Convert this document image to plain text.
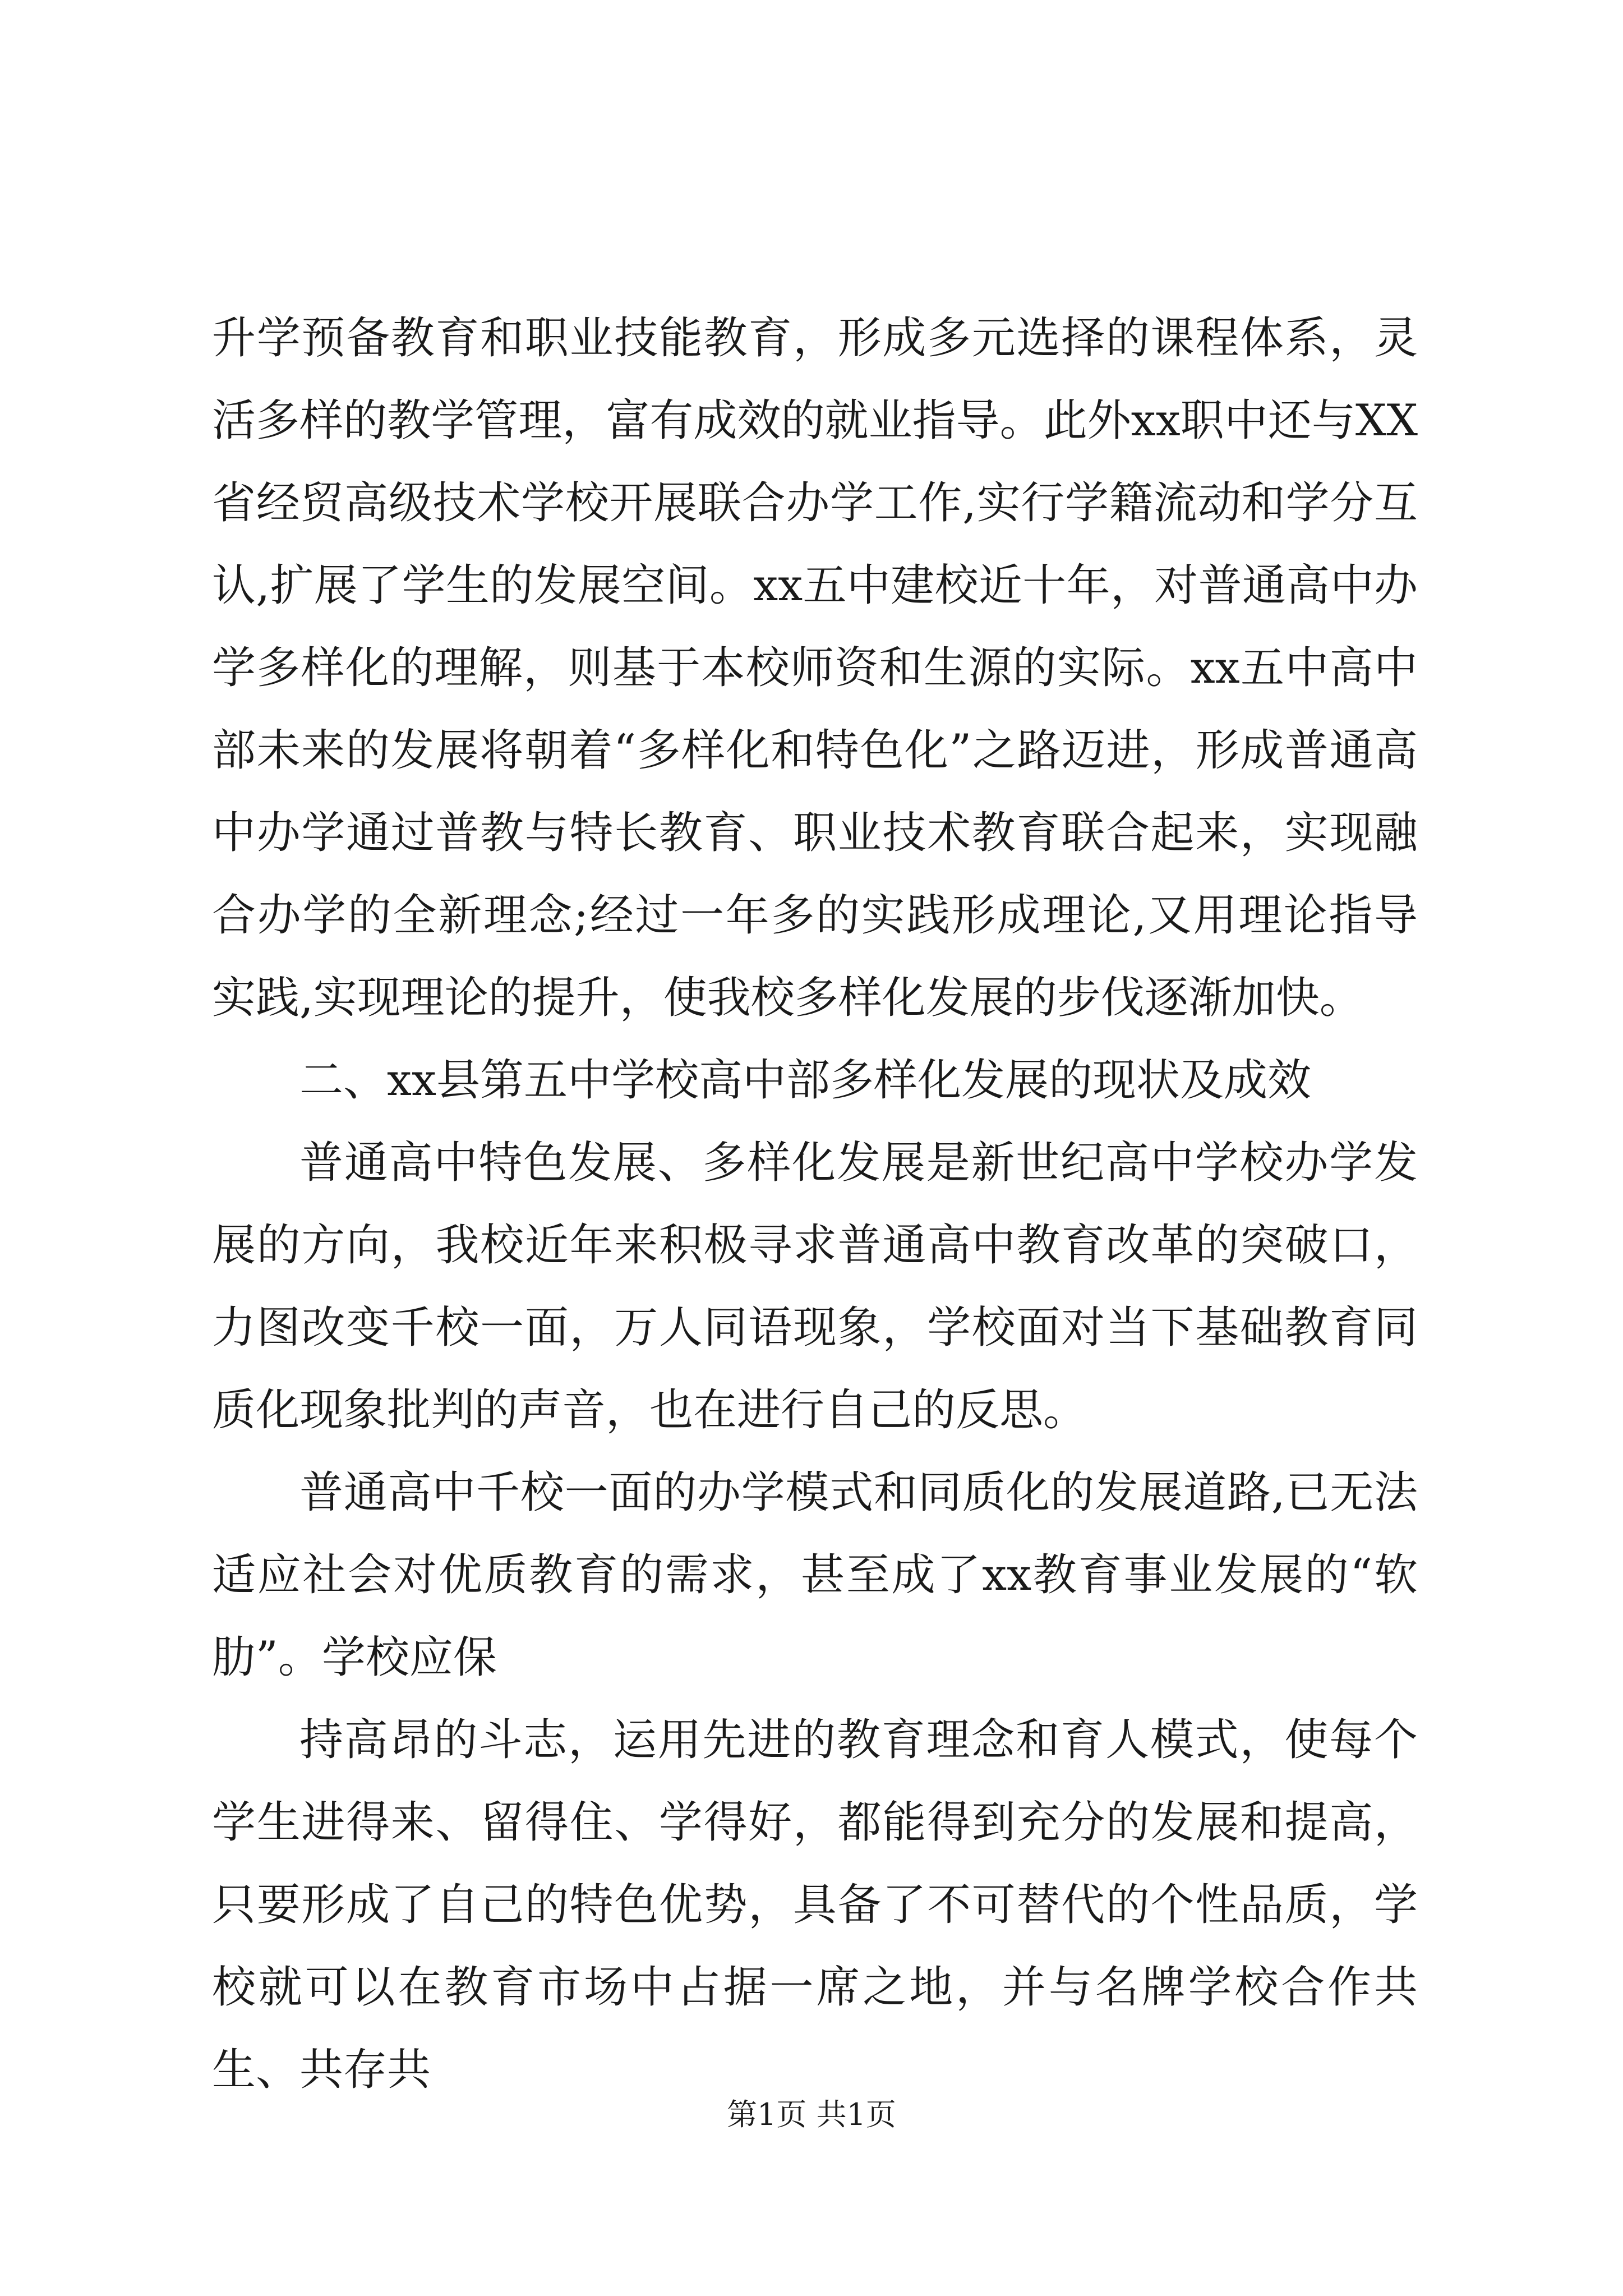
升学预备教育和职业技能教育，形成多元选择的课程体系，灵活多样的教学管理，富有成效的就业指导。此外xx职中还与XX省经贸高级技术学校开展联合办学工作,实行学籍流动和学分互认,扩展了学生的发展空间。xx五中建校近十年，对普通高中办学多样化的理解，则基于本校师资和生源的实际。xx五中高中部未来的发展将朝着“多样化和特色化”之路迈进，形成普通高中办学通过普教与特长教育、职业技术教育联合起来，实现融合办学的全新理念;经过一年多的实践形成理论,又用理论指导实践,实现理论的提升，使我校多样化发展的步伐逐渐加快。

二、xx县第五中学校高中部多样化发展的现状及成效

普通高中特色发展、多样化发展是新世纪高中学校办学发展的方向，我校近年来积极寻求普通高中教育改革的突破口，力图改变千校一面，万人同语现象，学校面对当下基础教育同质化现象批判的声音，也在进行自己的反思。

普通高中千校一面的办学模式和同质化的发展道路,已无法适应社会对优质教育的需求，甚至成了xx教育事业发展的“软肋”。学校应保

持高昂的斗志，运用先进的教育理念和育人模式，使每个学生进得来、留得住、学得好，都能得到充分的发展和提高，只要形成了自己的特色优势，具备了不可替代的个性品质，学校就可以在教育市场中占据一席之地，并与名牌学校合作共生、共存共

第1页 共1页
